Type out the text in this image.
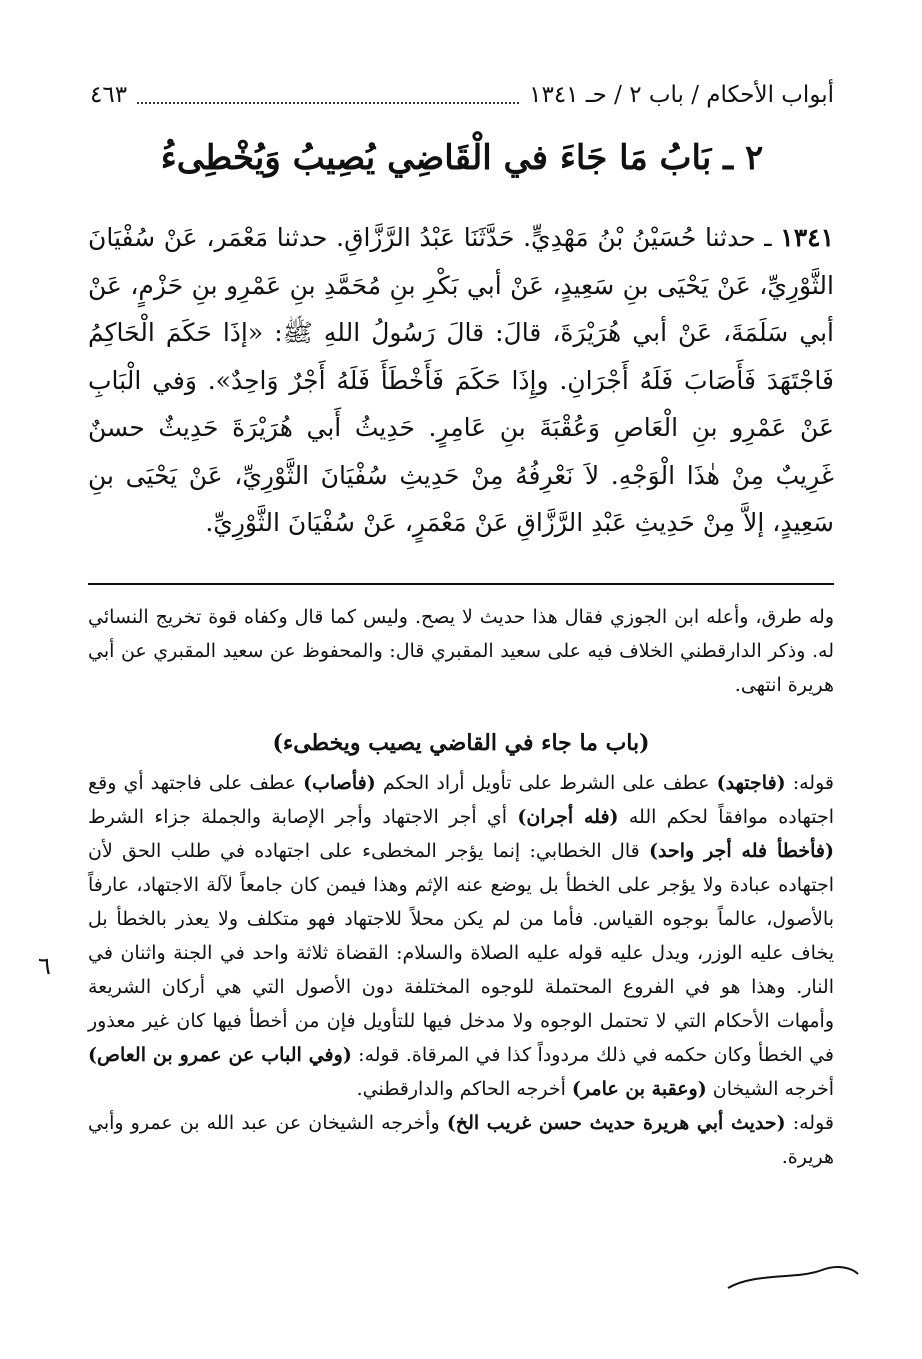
أبواب الأحكام / باب ٢ / حـ ١٣٤١
٤٦٣
٢ ـ بَابُ مَا جَاءَ في الْقَاضِي يُصِيبُ وَيُخْطِىءُ
١٣٤١ ـ حدثنا حُسَيْنُ بْنُ مَهْدِيٍّ. حَدَّثَنَا عَبْدُ الرَّزَّاقِ. حدثنا مَعْمَر، عَنْ سُفْيَانَ الثَّوْرِيِّ، عَنْ يَحْيَى بنِ سَعِيدٍ، عَنْ أبي بَكْرِ بنِ مُحَمَّدِ بنِ عَمْرِو بنِ حَزْمٍ، عَنْ أبي سَلَمَةَ، عَنْ أبي هُرَيْرَةَ، قالَ: قالَ رَسُولُ اللهِ ﷺ: «إذَا حَكَمَ الْحَاكِمُ فَاجْتَهَدَ فَأَصَابَ فَلَهُ أَجْرَانِ. وإِذَا حَكَمَ فَأَخْطَأَ فَلَهُ أَجْرٌ وَاحِدٌ». وَفي الْبَابِ عَنْ عَمْرِو بنِ الْعَاصِ وَعُقْبَةَ بنِ عَامِرٍ. حَدِيثُ أَبي هُرَيْرَةَ حَدِيثٌ حسنٌ غَرِيبٌ مِنْ هٰذَا الْوَجْهِ. لاَ نَعْرِفُهُ مِنْ حَدِيثِ سُفْيَانَ الثَّوْرِيِّ، عَنْ يَحْيَى بنِ سَعِيدٍ، إلاَّ مِنْ حَدِيثِ عَبْدِ الرَّزَّاقِ عَنْ مَعْمَرٍ، عَنْ سُفْيَانَ الثَّوْرِيِّ.

وله طرق، وأعله ابن الجوزي فقال هذا حديث لا يصح. وليس كما قال وكفاه قوة تخريج النسائي له. وذكر الدارقطني الخلاف فيه على سعيد المقبري قال: والمحفوظ عن سعيد المقبري عن أبي هريرة انتهى.

(باب ما جاء في القاضي يصيب ويخطىء)

قوله: (فاجتهد) عطف على الشرط على تأويل أراد الحكم (فأصاب) عطف على فاجتهد أي وقع اجتهاده موافقاً لحكم الله (فله أجران) أي أجر الاجتهاد وأجر الإصابة والجملة جزاء الشرط (فأخطأ فله أجر واحد) قال الخطابي: إنما يؤجر المخطىء على اجتهاده في طلب الحق لأن اجتهاده عبادة ولا يؤجر على الخطأ بل يوضع عنه الإثم وهذا فيمن كان جامعاً لآلة الاجتهاد، عارفاً بالأصول، عالماً بوجوه القياس. فأما من لم يكن محلاً للاجتهاد فهو متكلف ولا يعذر بالخطأ بل يخاف عليه الوزر، ويدل عليه قوله عليه الصلاة والسلام: القضاة ثلاثة واحد في الجنة واثنان في النار. وهذا هو في الفروع المحتملة للوجوه المختلفة دون الأصول التي هي أركان الشريعة وأمهات الأحكام التي لا تحتمل الوجوه ولا مدخل فيها للتأويل فإن من أخطأ فيها كان غير معذور في الخطأ وكان حكمه في ذلك مردوداً كذا في المرقاة. قوله: (وفي الباب عن عمرو بن العاص) أخرجه الشيخان (وعقبة بن عامر) أخرجه الحاكم والدارقطني.

قوله: (حديث أبي هريرة حديث حسن غريب الخ) وأخرجه الشيخان عن عبد الله بن عمرو وأبي هريرة.

٦
